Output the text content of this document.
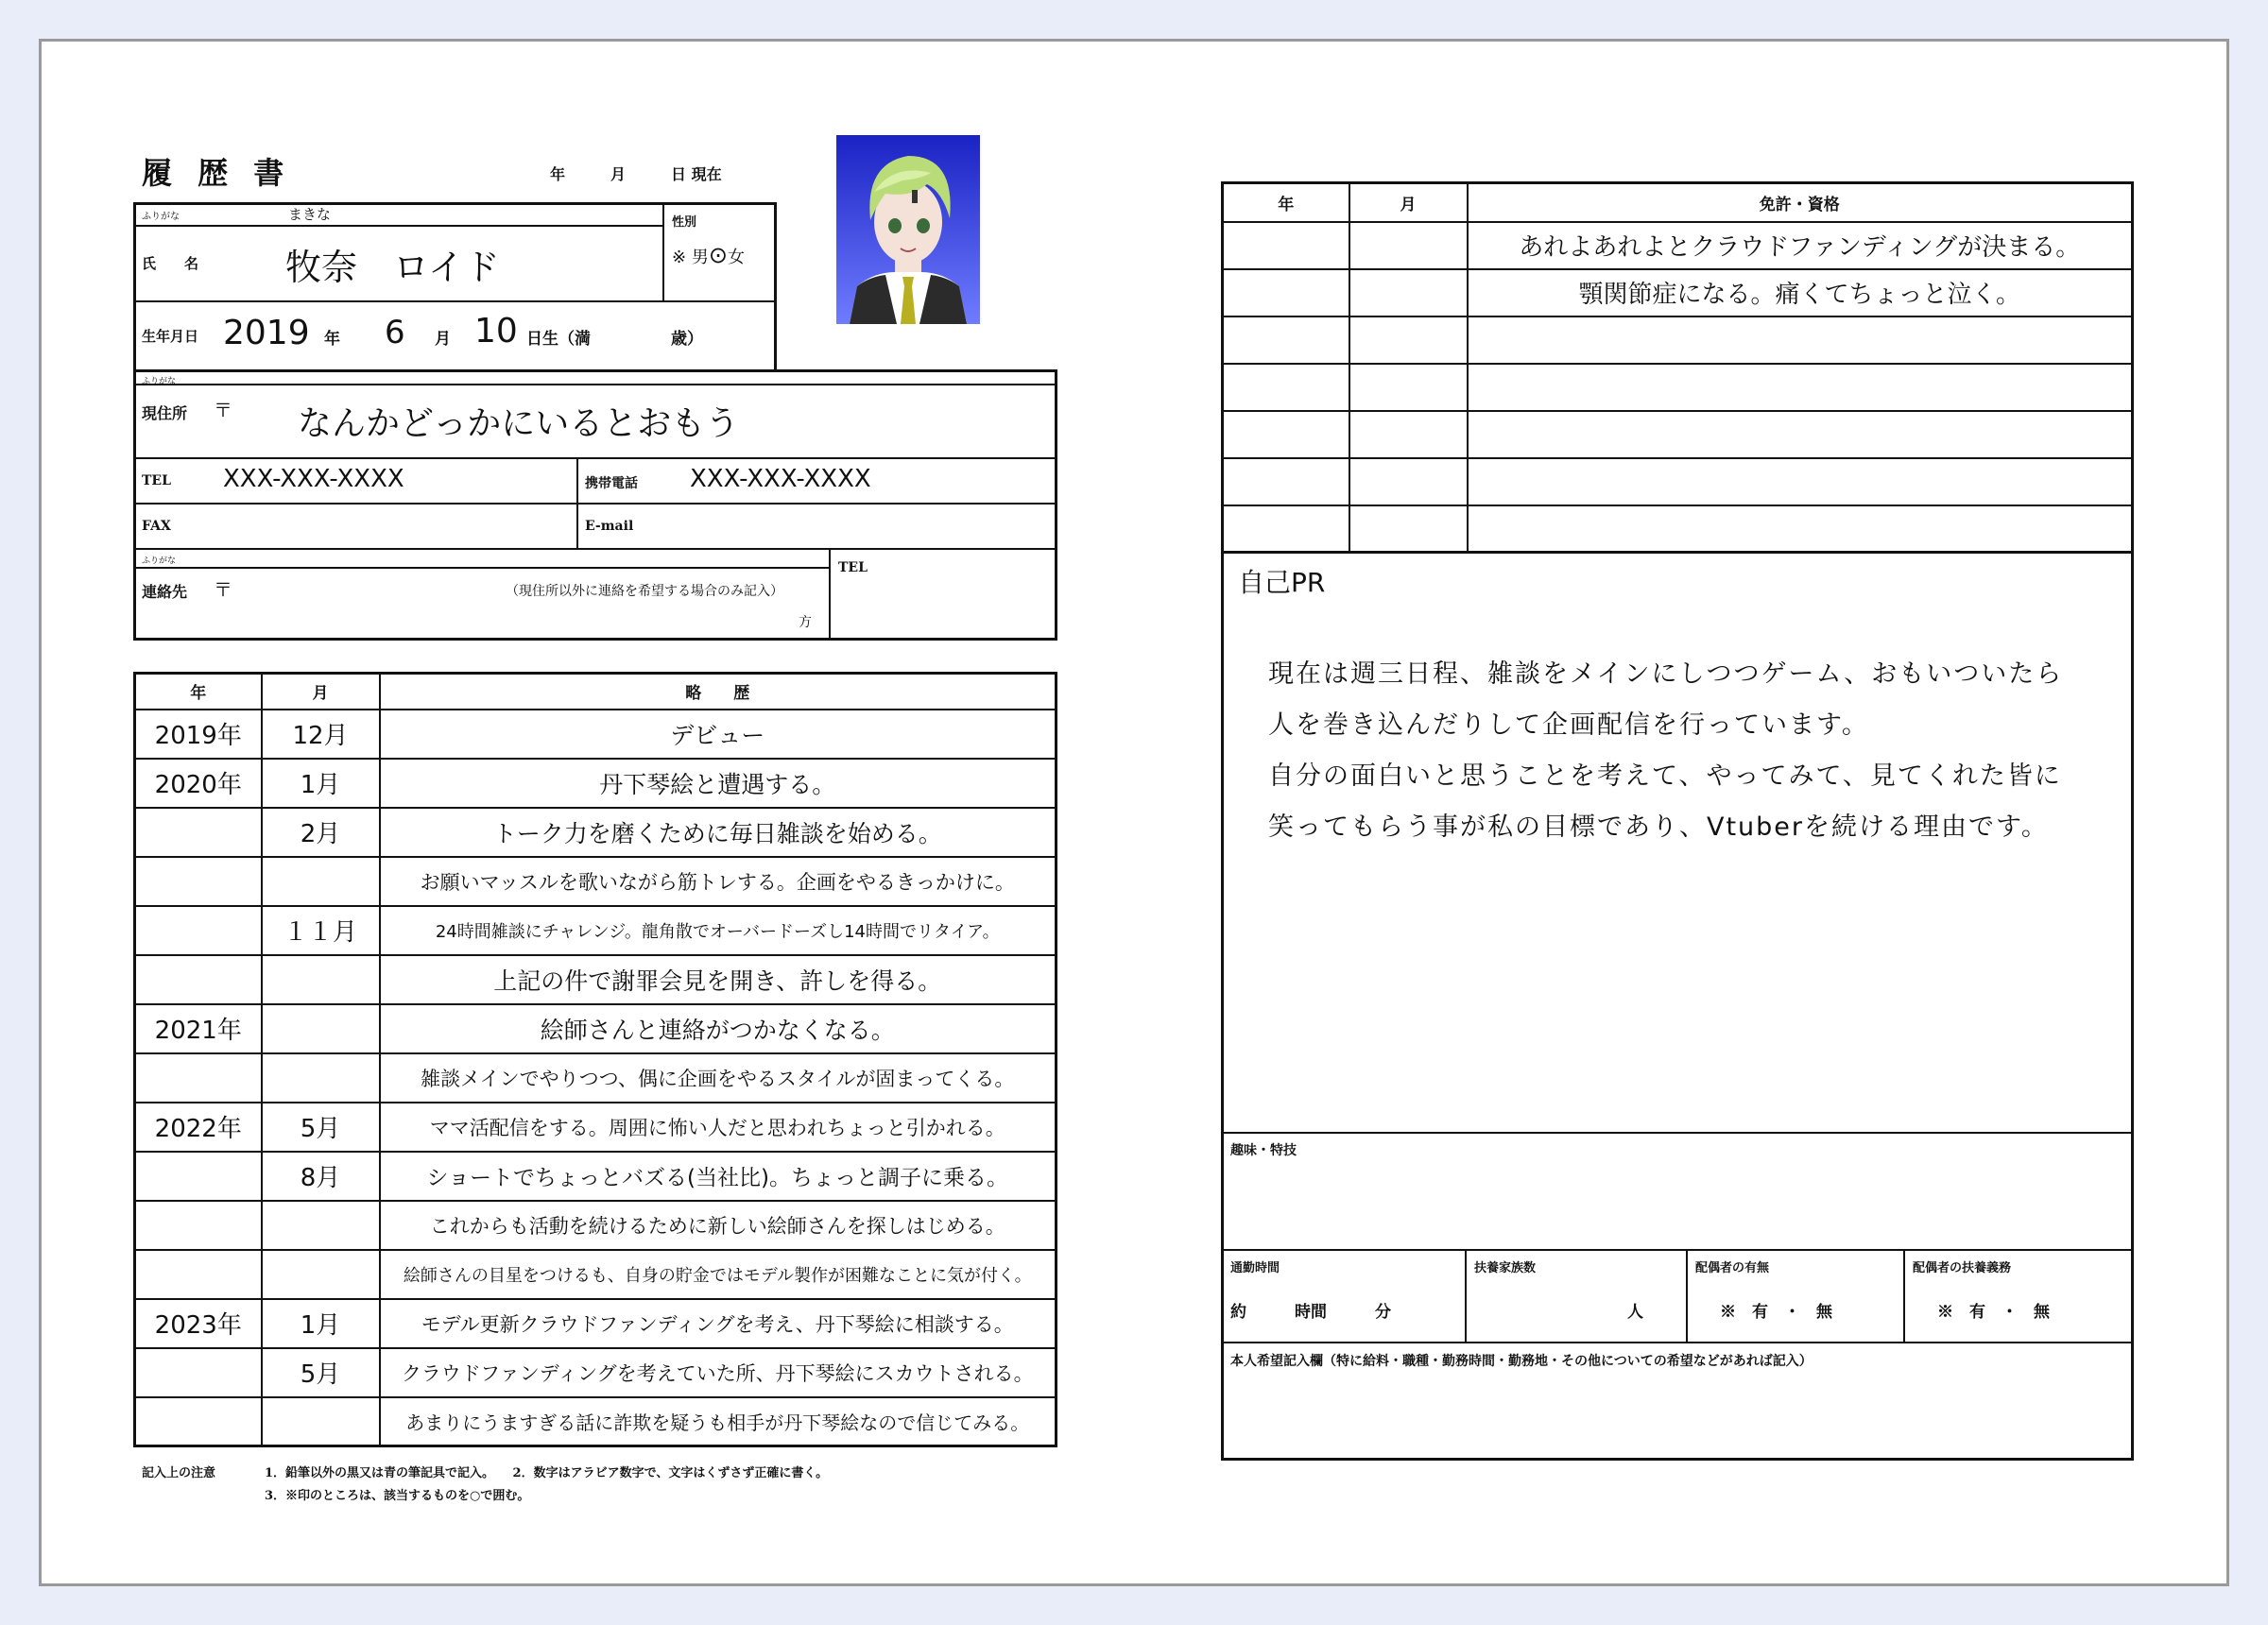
履 歴 書	年　　　月　　　日 現在
ふりがな	まきな
氏　　名 牧奈　ロイド
性別
※ 男⊙女
生年月日 2019 年 6 月 10 日生（満	歳）
ふりがな
現住所 〒 なんかどっかにいるとおもう
TEL XXX-XXX-XXXX	携帯電話 XXX-XXX-XXXX
FAX	E-mail
ふりがな
連絡先 〒	（現住所以外に連絡を希望する場合のみ記入）
方
TEL
年	月	略　　歴
2019年	12月	デビュー
2020年	1月	丹下琴絵と遭遇する。
	2月	トーク力を磨くために毎日雑談を始める。
		お願いマッスルを歌いながら筋トレする。企画をやるきっかけに。
	１１月	24時間雑談にチャレンジ。龍角散でオーバードーズし14時間でリタイア。
		上記の件で謝罪会見を開き、許しを得る。
2021年		絵師さんと連絡がつかなくなる。
		雑談メインでやりつつ、偶に企画をやるスタイルが固まってくる。
2022年	5月	ママ活配信をする。周囲に怖い人だと思われちょっと引かれる。
	8月	ショートでちょっとバズる(当社比)。ちょっと調子に乗る。
		これからも活動を続けるために新しい絵師さんを探しはじめる。
		絵師さんの目星をつけるも、自身の貯金ではモデル製作が困難なことに気が付く。
2023年	1月	モデル更新クラウドファンディングを考え、丹下琴絵に相談する。
	5月	クラウドファンディングを考えていた所、丹下琴絵にスカウトされる。
		あまりにうますぎる話に詐欺を疑うも相手が丹下琴絵なので信じてみる。
記入上の注意	1．鉛筆以外の黒又は青の筆記具で記入。　　2．数字はアラビア数字で、文字はくずさず正確に書く。
3．※印のところは、該当するものを○で囲む。
年	月	免許・資格
		あれよあれよとクラウドファンディングが決まる。
		顎関節症になる。痛くてちょっと泣く。

自己PR
現在は週三日程、雑談をメインにしつつゲーム、おもいついたら
人を巻き込んだりして企画配信を行っています。
自分の面白いと思うことを考えて、やってみて、見てくれた皆に
笑ってもらう事が私の目標であり、Vtuberを続ける理由です。
趣味・特技
通勤時間
約　　　時間　　　分
扶養家族数
人
配偶者の有無
※　有　・　無
配偶者の扶養義務
※　有　・　無
本人希望記入欄（特に給料・職種・勤務時間・勤務地・その他についての希望などがあれば記入）
